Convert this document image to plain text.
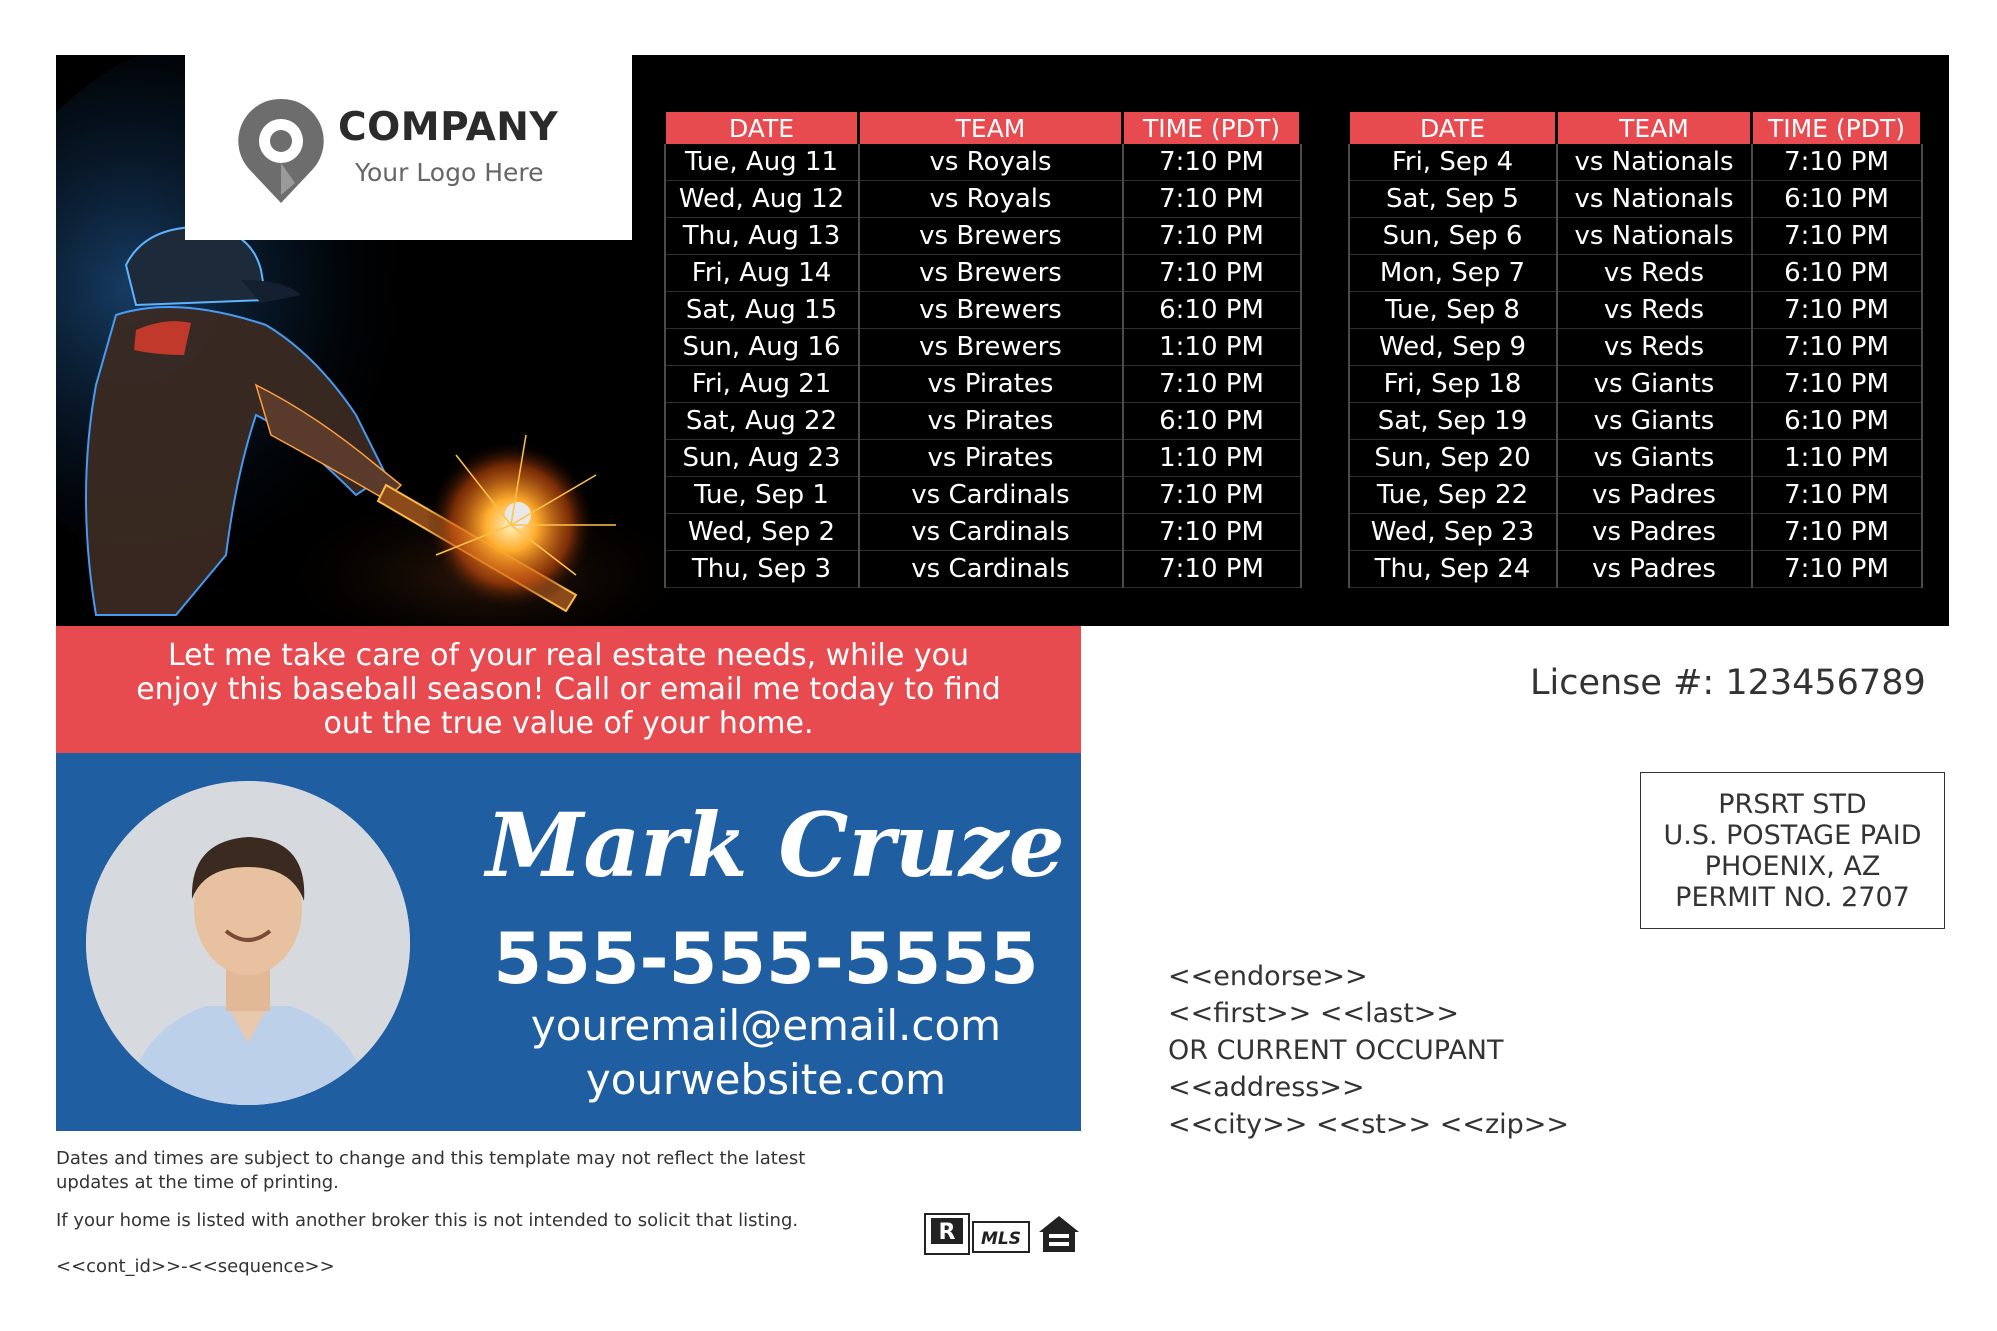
COMPANY
Your Logo Here
DATE	TEAM	TIME (PDT)
Tue, Aug 11	vs Royals	7:10 PM
Wed, Aug 12	vs Royals	7:10 PM
Thu, Aug 13	vs Brewers	7:10 PM
Fri, Aug 14	vs Brewers	7:10 PM
Sat, Aug 15	vs Brewers	6:10 PM
Sun, Aug 16	vs Brewers	1:10 PM
Fri, Aug 21	vs Pirates	7:10 PM
Sat, Aug 22	vs Pirates	6:10 PM
Sun, Aug 23	vs Pirates	1:10 PM
Tue, Sep 1	vs Cardinals	7:10 PM
Wed, Sep 2	vs Cardinals	7:10 PM
Thu, Sep 3	vs Cardinals	7:10 PM
DATE	TEAM	TIME (PDT)
Fri, Sep 4	vs Nationals	7:10 PM
Sat, Sep 5	vs Nationals	6:10 PM
Sun, Sep 6	vs Nationals	7:10 PM
Mon, Sep 7	vs Reds	6:10 PM
Tue, Sep 8	vs Reds	7:10 PM
Wed, Sep 9	vs Reds	7:10 PM
Fri, Sep 18	vs Giants	7:10 PM
Sat, Sep 19	vs Giants	6:10 PM
Sun, Sep 20	vs Giants	1:10 PM
Tue, Sep 22	vs Padres	7:10 PM
Wed, Sep 23	vs Padres	7:10 PM
Thu, Sep 24	vs Padres	7:10 PM
Let me take care of your real estate needs, while you enjoy this baseball season! Call or email me today to find out the true value of your home.
Mark Cruze
555-555-5555
youremail@email.com
yourwebsite.com
License #: 123456789
PRSRT STD
U.S. POSTAGE PAID
PHOENIX, AZ
PERMIT NO. 2707
<<endorse>>
<<first>> <<last>>
OR CURRENT OCCUPANT
<<address>>
<<city>> <<st>> <<zip>>
Dates and times are subject to change and this template may not reflect the latest updates at the time of printing.
If your home is listed with another broker this is not intended to solicit that listing.
<<cont_id>>-<<sequence>>
R MLS
